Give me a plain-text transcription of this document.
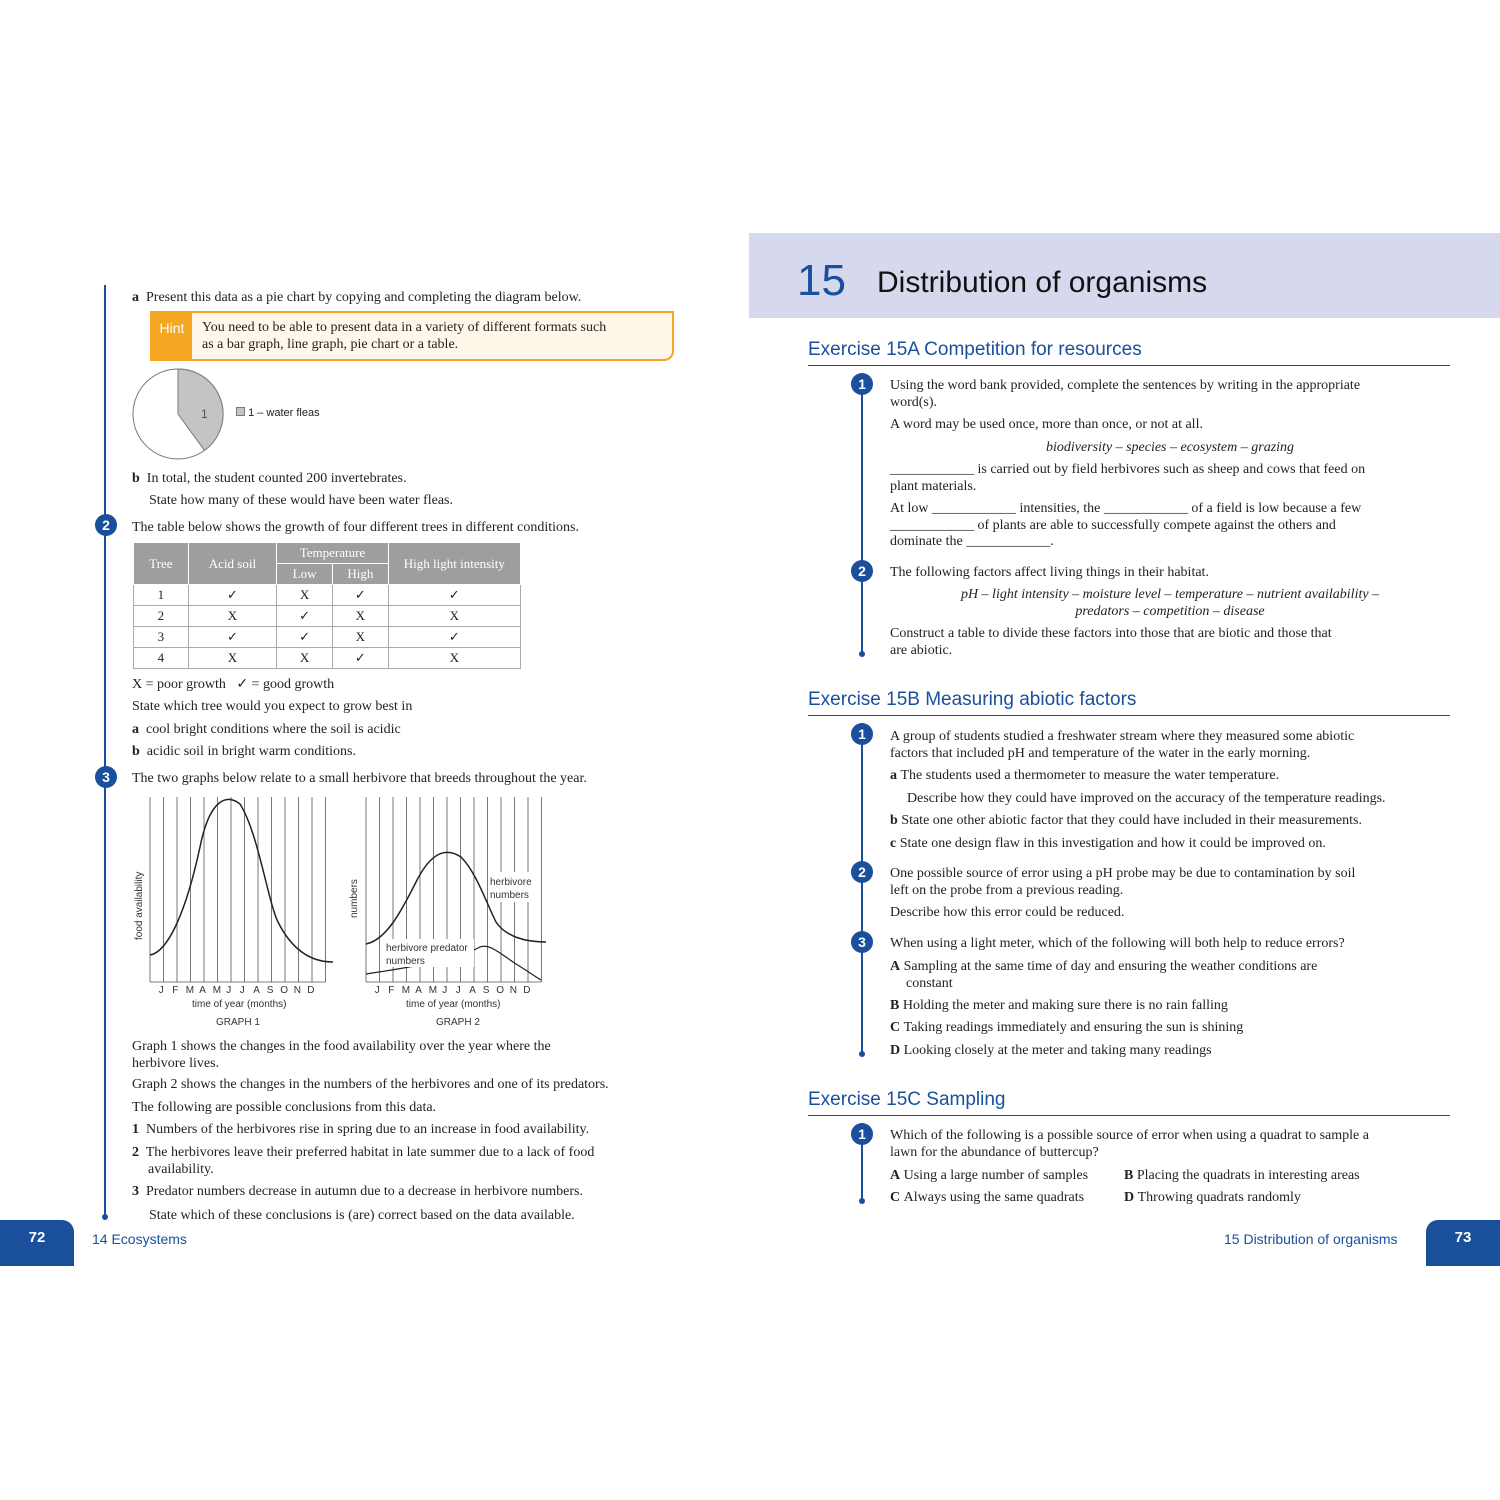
a Present this data as a pie chart by copying and completing the diagram below.
Hint	You need to be able to present data in a variety of different formats such
as a bar graph, line graph, pie chart or a table.
1	1 – water fleas
b In total, the student counted 200 invertebrates.
State how many of these would have been water fleas.
2	The table below shows the growth of four different trees in different conditions.
Tree	Acid soil	Temperature		High light intensity
		Low	High	
1	✓	X	✓	✓
2	X	✓	X	X
3	✓	✓	X	✓
4	X	X	✓	X
X = poor growth   ✓ = good growth
State which tree would you expect to grow best in
a cool bright conditions where the soil is acidic
b acidic soil in bright warm conditions.
3	The two graphs below relate to a small herbivore that breeds throughout the year.
food availability
J F M A M J J A S O N D
time of year (months)
GRAPH 1
numbers	herbivore
numbers
herbivore predator
numbers
J F M A M J J A S O N D
time of year (months)
GRAPH 2
Graph 1 shows the changes in the food availability over the year where the
herbivore lives.
Graph 2 shows the changes in the numbers of the herbivores and one of its predators.
The following are possible conclusions from this data.
1 Numbers of the herbivores rise in spring due to an increase in food availability.
2 The herbivores leave their preferred habitat in late summer due to a lack of food
availability.
3 Predator numbers decrease in autumn due to a decrease in herbivore numbers.
State which of these conclusions is (are) correct based on the data available.
72	14 Ecosystems
15 Distribution of organisms
Exercise 15A Competition for resources
1	Using the word bank provided, complete the sentences by writing in the appropriate
word(s).
A word may be used once, more than once, or not at all.
biodiversity – species – ecosystem – grazing
____________ is carried out by field herbivores such as sheep and cows that feed on
plant materials.
At low ____________ intensities, the ____________ of a field is low because a few
____________ of plants are able to successfully compete against the others and
dominate the ____________.
2	The following factors affect living things in their habitat.
pH – light intensity – moisture level – temperature – nutrient availability –
predators – competition – disease
Construct a table to divide these factors into those that are biotic and those that
are abiotic.
Exercise 15B Measuring abiotic factors
1	A group of students studied a freshwater stream where they measured some abiotic
factors that included pH and temperature of the water in the early morning.
a The students used a thermometer to measure the water temperature.
Describe how they could have improved on the accuracy of the temperature readings.
b State one other abiotic factor that they could have included in their measurements.
c State one design flaw in this investigation and how it could be improved on.
2	One possible source of error using a pH probe may be due to contamination by soil
left on the probe from a previous reading.
Describe how this error could be reduced.
3	When using a light meter, which of the following will both help to reduce errors?
A Sampling at the same time of day and ensuring the weather conditions are
constant
B Holding the meter and making sure there is no rain falling
C Taking readings immediately and ensuring the sun is shining
D Looking closely at the meter and taking many readings
Exercise 15C Sampling
1	Which of the following is a possible source of error when using a quadrat to sample a
lawn for the abundance of buttercup?
A Using a large number of samples	B Placing the quadrats in interesting areas
C Always using the same quadrats	D Throwing quadrats randomly
15 Distribution of organisms	73
